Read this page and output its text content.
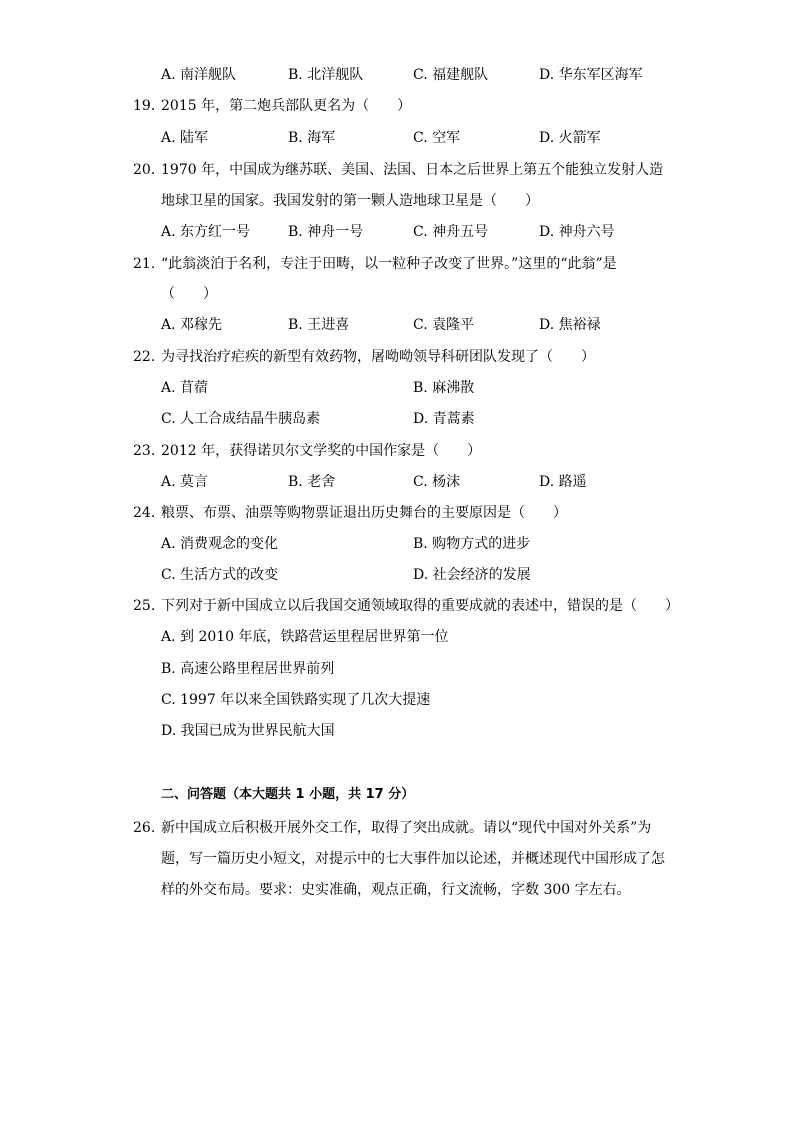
A. 南洋舰队	B. 北洋舰队	C. 福建舰队	D. 华东军区海军
19. 2015 年，第二炮兵部队更名为（　　）
A. 陆军	B. 海军	C. 空军	D. 火箭军
20. 1970 年，中国成为继苏联、美国、法国、日本之后世界上第五个能独立发射人造
地球卫星的国家。我国发射的第一颗人造地球卫星是（　　）
A. 东方红一号	B. 神舟一号	C. 神舟五号	D. 神舟六号
21. “此翁淡泊于名利，专注于田畴，以一粒种子改变了世界。”这里的“此翁”是
（　　）
A. 邓稼先	B. 王进喜	C. 袁隆平	D. 焦裕禄
22. 为寻找治疗疟疾的新型有效药物，屠呦呦领导科研团队发现了（　　）
A. 苜蓿	B. 麻沸散
C. 人工合成结晶牛胰岛素	D. 青蒿素
23. 2012 年，获得诺贝尔文学奖的中国作家是（　　）
A. 莫言	B. 老舍	C. 杨沫	D. 路遥
24. 粮票、布票、油票等购物票证退出历史舞台的主要原因是（　　）
A. 消费观念的变化	B. 购物方式的进步
C. 生活方式的改变	D. 社会经济的发展
25. 下列对于新中国成立以后我国交通领域取得的重要成就的表述中，错误的是（　　）
A. 到 2010 年底，铁路营运里程居世界第一位
B. 高速公路里程居世界前列
C. 1997 年以来全国铁路实现了几次大提速
D. 我国已成为世界民航大国
二、问答题（本大题共 1 小题，共 17 分）
26. 新中国成立后积极开展外交工作，取得了突出成就。请以“现代中国对外关系”为
题，写一篇历史小短文，对提示中的七大事件加以论述，并概述现代中国形成了怎
样的外交布局。要求：史实准确，观点正确，行文流畅，字数 300 字左右。
